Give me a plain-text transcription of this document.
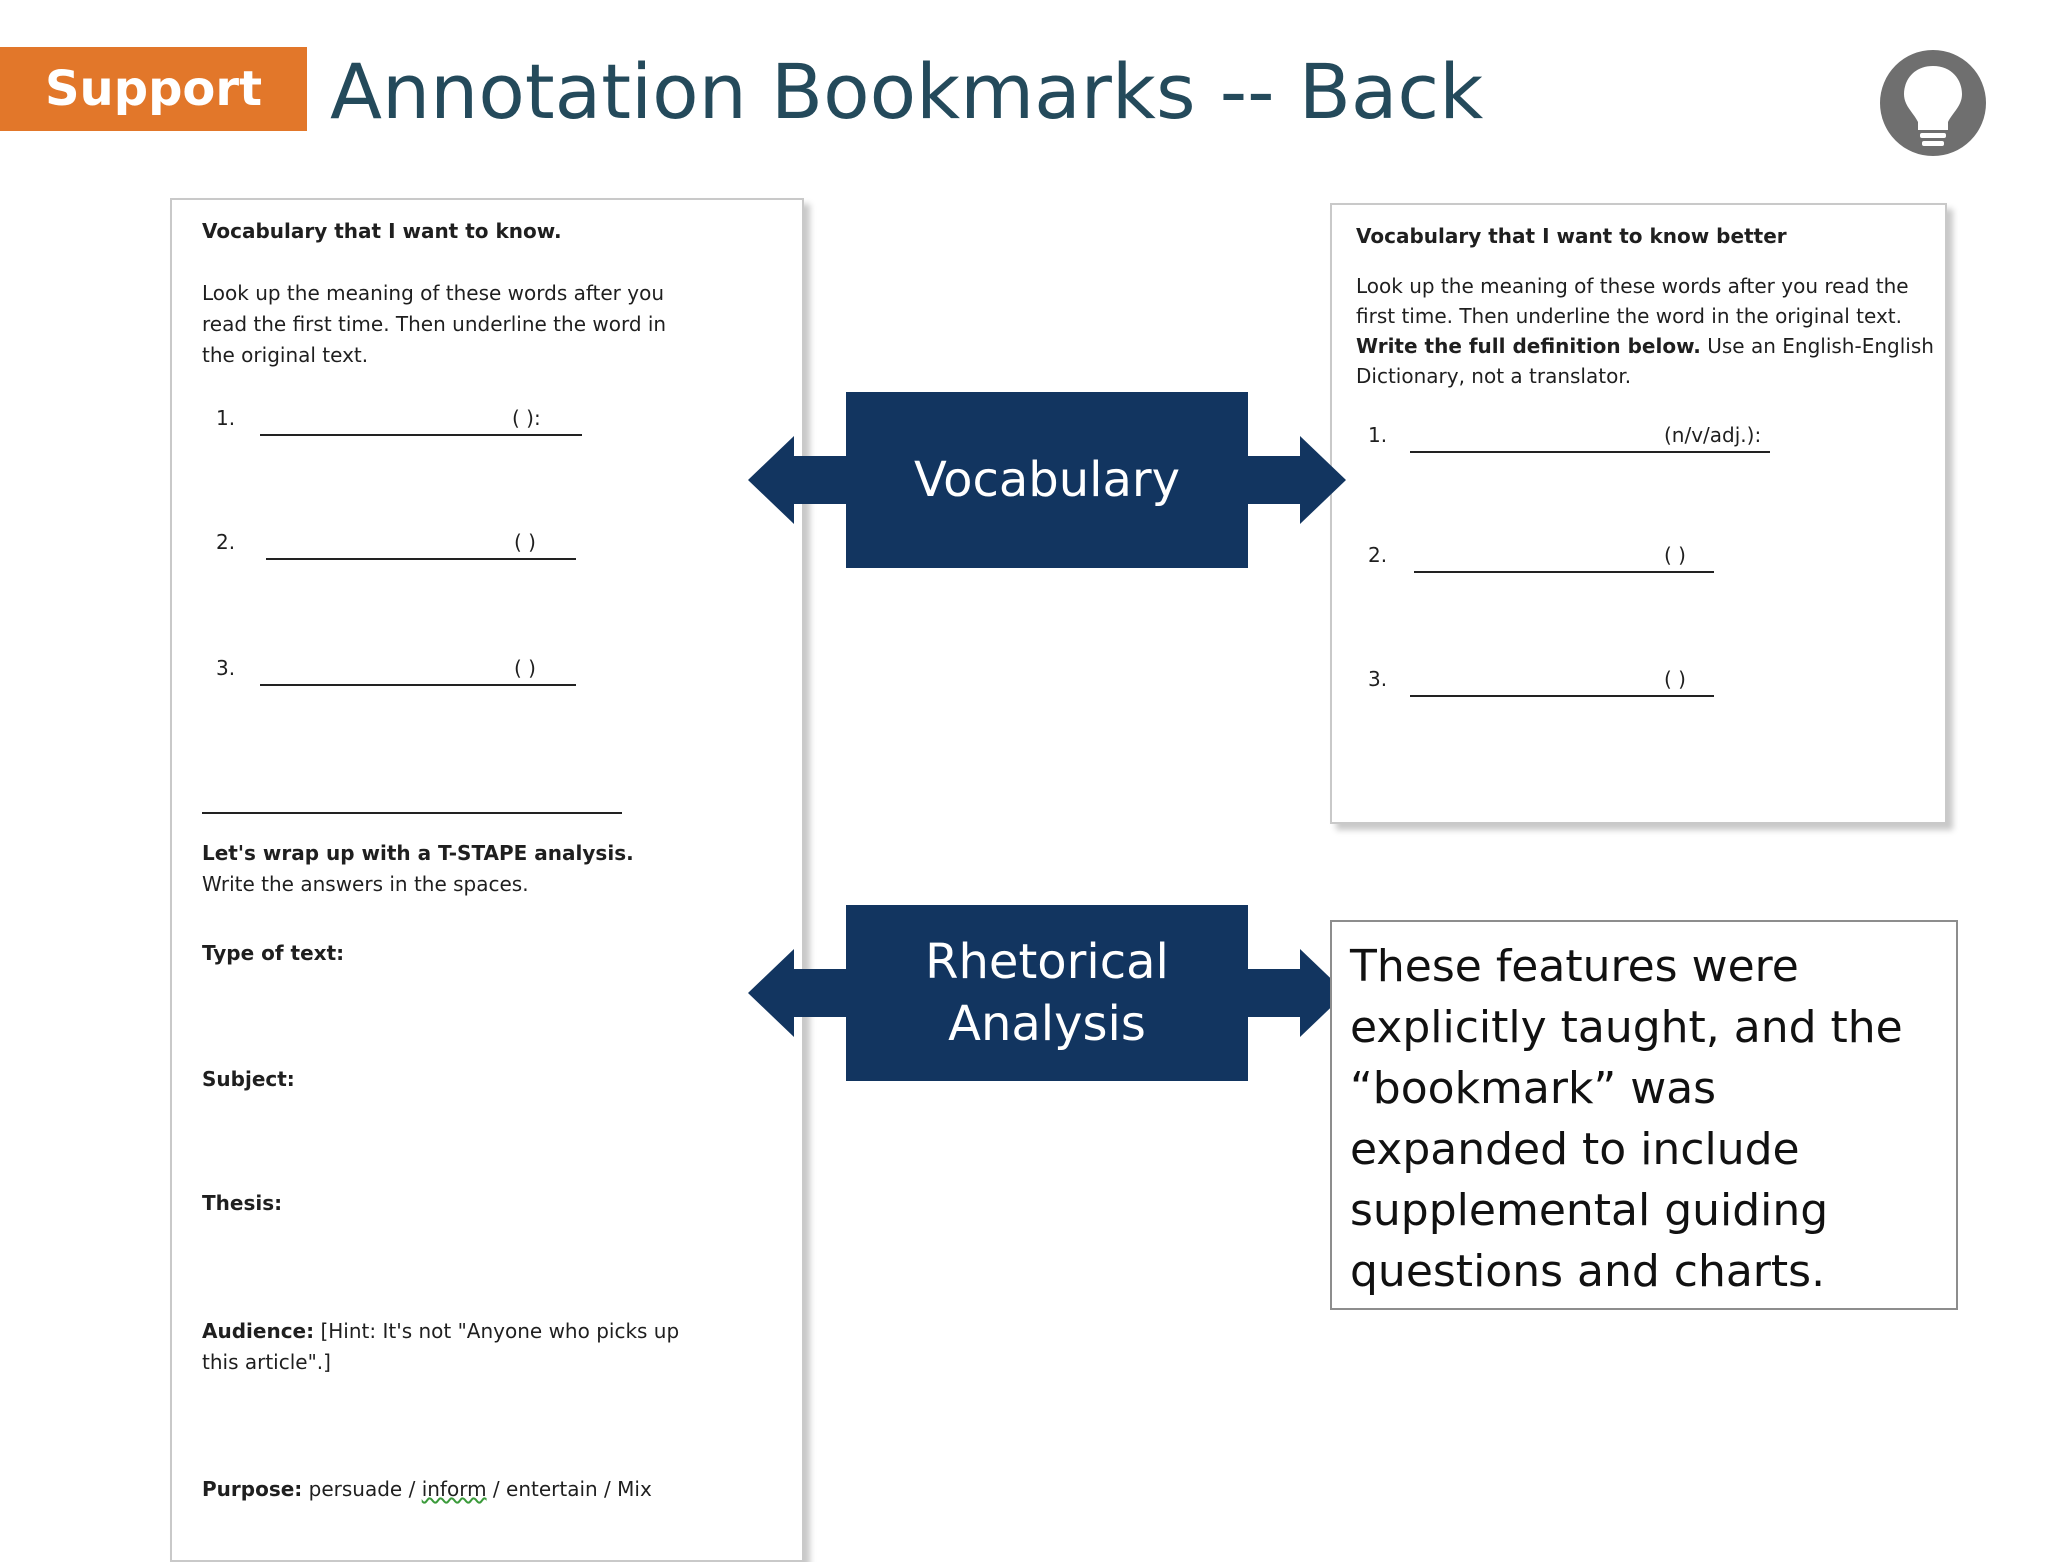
Support Annotation Bookmarks -- Back
Vocabulary that I want to know.
Look up the meaning of these words after you
read the first time. Then underline the word in
the original text.
1.	( ):
2.	( )
3.	( )
Let's wrap up with a T-STAPE analysis.
Write the answers in the spaces.
Type of text:
Subject:
Thesis:
Audience: [Hint: It's not "Anyone who picks up
this article".]
Purpose: persuade / inform / entertain / Mix
Vocabulary that I want to know better
Look up the meaning of these words after you read the
first time. Then underline the word in the original text.
Write the full definition below. Use an English-English
Dictionary, not a translator.
1.	(n/v/adj.):
2.	( )
3.	( )
Vocabulary
Rhetorical
Analysis
These features were explicitly taught, and the “bookmark” was expanded to include supplemental guiding questions and charts.
